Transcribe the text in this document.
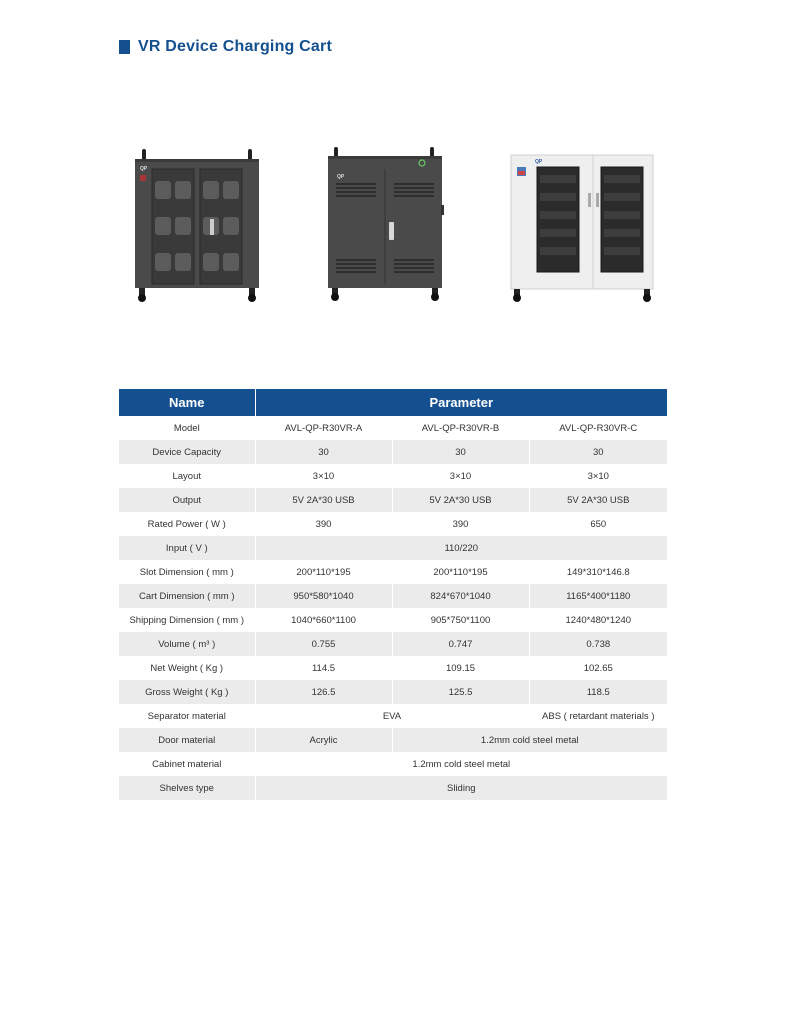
VR Device Charging Cart
QP
QP
QP
Name	Parameter		
Model	AVL-QP-R30VR-A	AVL-QP-R30VR-B	AVL-QP-R30VR-C
Device Capacity	30	30	30
Layout	3×10	3×10	3×10
Output	5V 2A*30 USB	5V 2A*30 USB	5V 2A*30 USB
Rated Power ( W )	390	390	650
Input ( V )	110/220		
Slot Dimension ( mm )	200*110*195	200*110*195	149*310*146.8
Cart Dimension ( mm )	950*580*1040	824*670*1040	1165*400*1180
Shipping Dimension ( mm )	1040*660*1100	905*750*1100	1240*480*1240
Volume ( m³ )	0.755	0.747	0.738
Net Weight ( Kg )	114.5	109.15	102.65
Gross Weight ( Kg )	126.5	125.5	118.5
Separator material	EVA		ABS ( retardant materials )
Door material	Acrylic	1.2mm cold steel metal	
Cabinet material	1.2mm cold steel metal		
Shelves type	Sliding		
